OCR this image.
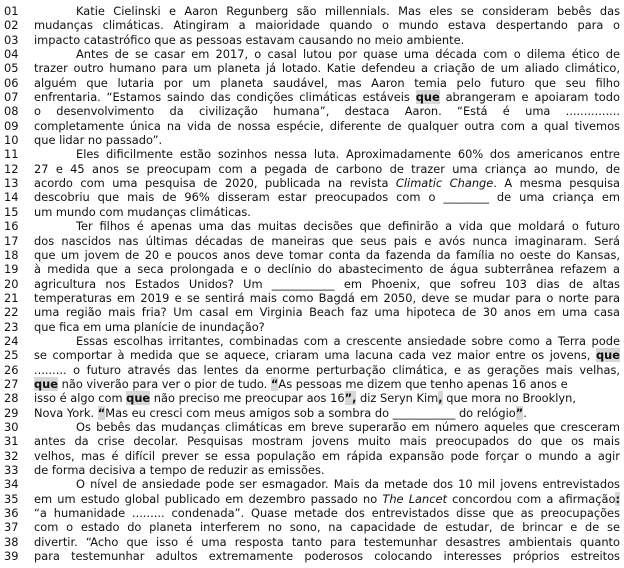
01	Katie Cielinski e Aaron Regunberg são millennials. Mas eles se consideram bebês das
02	mudanças climáticas. Atingiram a maioridade quando o mundo estava despertando para o
03	impacto catastrófico que as pessoas estavam causando no meio ambiente.
04	Antes de se casar em 2017, o casal lutou por quase uma década com o dilema ético de
05	trazer outro humano para um planeta já lotado. Katie defendeu a criação de um aliado climático,
06	alguém que lutaria por um planeta saudável, mas Aaron temia pelo futuro que seu filho
07	enfrentaria. “Estamos saindo das condições climáticas estáveis que abrangeram e apoiaram todo
08	o desenvolvimento da civilização humana”, destaca Aaron. “Está é uma ...............
09	completamente única na vida de nossa espécie, diferente de qualquer outra com a qual tivemos
10	que lidar no passado”.
11	Eles dificilmente estão sozinhos nessa luta. Aproximadamente 60% dos americanos entre
12	27 e 45 anos se preocupam com a pegada de carbono de trazer uma criança ao mundo, de
13	acordo com uma pesquisa de 2020, publicada na revista Climatic Change. A mesma pesquisa
14	descobriu que mais de 96% disseram estar preocupados com o ________ de uma criança em
15	um mundo com mudanças climáticas.
16	Ter filhos é apenas uma das muitas decisões que definirão a vida que moldará o futuro
17	dos nascidos nas últimas décadas de maneiras que seus pais e avós nunca imaginaram. Será
18	que um jovem de 20 e poucos anos deve tomar conta da fazenda da família no oeste do Kansas,
19	à medida que a seca prolongada e o declínio do abastecimento de água subterrânea refazem a
20	agricultura nos Estados Unidos? Um ___________ em Phoenix, que sofreu 103 dias de altas
21	temperaturas em 2019 e se sentirá mais como Bagdá em 2050, deve se mudar para o norte para
22	uma região mais fria? Um casal em Virginia Beach faz uma hipoteca de 30 anos em uma casa
23	que fica em uma planície de inundação?
24	Essas escolhas irritantes, combinadas com a crescente ansiedade sobre como a Terra pode
25	se comportar à medida que se aquece, criaram uma lacuna cada vez maior entre os jovens, que
26	......... o futuro através das lentes da enorme perturbação climática, e as gerações mais velhas,
27	que não viverão para ver o pior de tudo. “As pessoas me dizem que tenho apenas 16 anos e
28	isso é algo com que não preciso me preocupar aos 16”, diz Seryn Kim, que mora no Brooklyn,
29	Nova York. “Mas eu cresci com meus amigos sob a sombra do ___________ do relógio”.
30	Os bebês das mudanças climáticas em breve superarão em número aqueles que cresceram
31	antes da crise decolar. Pesquisas mostram jovens muito mais preocupados do que os mais
32	velhos, mas é difícil prever se essa população em rápida expansão pode forçar o mundo a agir
33	de forma decisiva a tempo de reduzir as emissões.
34	O nível de ansiedade pode ser esmagador. Mais da metade dos 10 mil jovens entrevistados
35	em um estudo global publicado em dezembro passado no The Lancet concordou com a afirmação:
36	“a humanidade ......... condenada”. Quase metade dos entrevistados disse que as preocupações
37	com o estado do planeta interferem no sono, na capacidade de estudar, de brincar e de se
38	divertir. “Acho que isso é uma resposta tanto para testemunhar desastres ambientais quanto
39	para testemunhar adultos extremamente poderosos colocando interesses próprios estreitos
